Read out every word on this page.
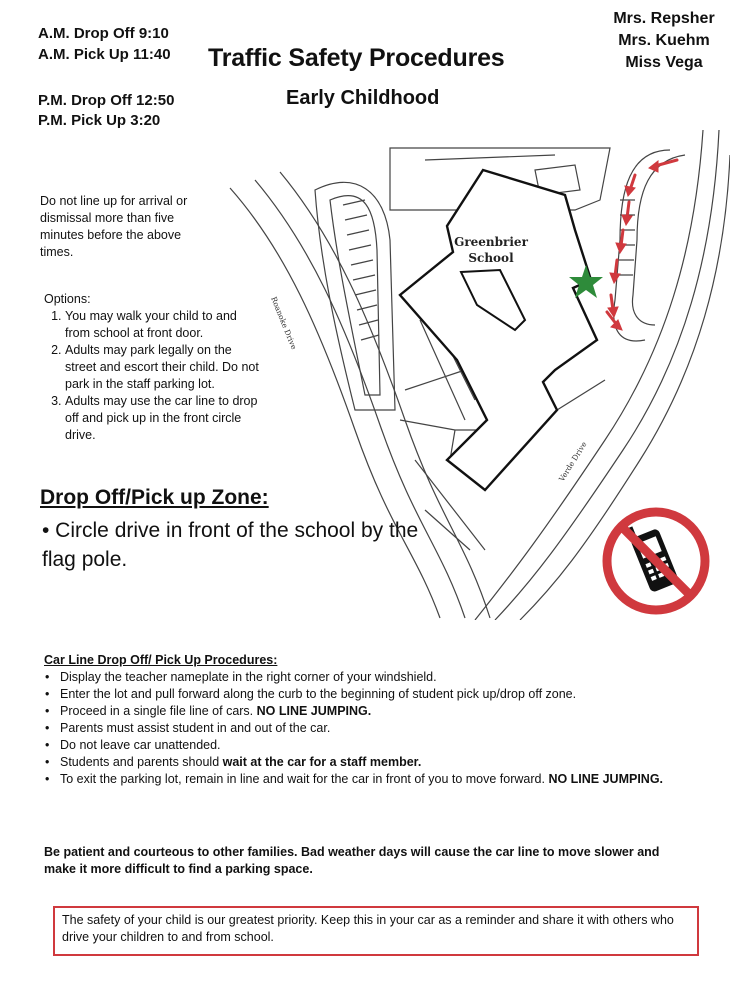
A.M. Drop Off 9:10
A.M. Pick Up 11:40
P.M. Drop Off 12:50
P.M. Pick Up 3:20
Traffic Safety Procedures
Early Childhood
Mrs. Repsher
Mrs. Kuehm
Miss Vega
Do not line up for arrival or dismissal more than five minutes before the above times.
Options:
1. You may walk your child to and from school at front door.
2. Adults may park legally on the street and escort their child. Do not park in the staff parking lot.
3. Adults may use the car line to drop off and pick up in the front circle drive.
Greenbrier
School
Roanoke Drive
Verde Drive
Drop Off/Pick up Zone:
• Circle drive in front of the school by the flag pole.
Car Line Drop Off/ Pick Up Procedures:
• Display the teacher nameplate in the right corner of your windshield.
• Enter the lot and pull forward along the curb to the beginning of student pick up/drop off zone.
• Proceed in a single file line of cars. NO LINE JUMPING.
• Parents must assist student in and out of the car.
• Do not leave car unattended.
• Students and parents should wait at the car for a staff member.
• To exit the parking lot, remain in line and wait for the car in front of you to move forward. NO LINE JUMPING.
Be patient and courteous to other families. Bad weather days will cause the car line to move slower and make it more difficult to find a parking space.
The safety of your child is our greatest priority. Keep this in your car as a reminder and share it with others who drive your children to and from school.
